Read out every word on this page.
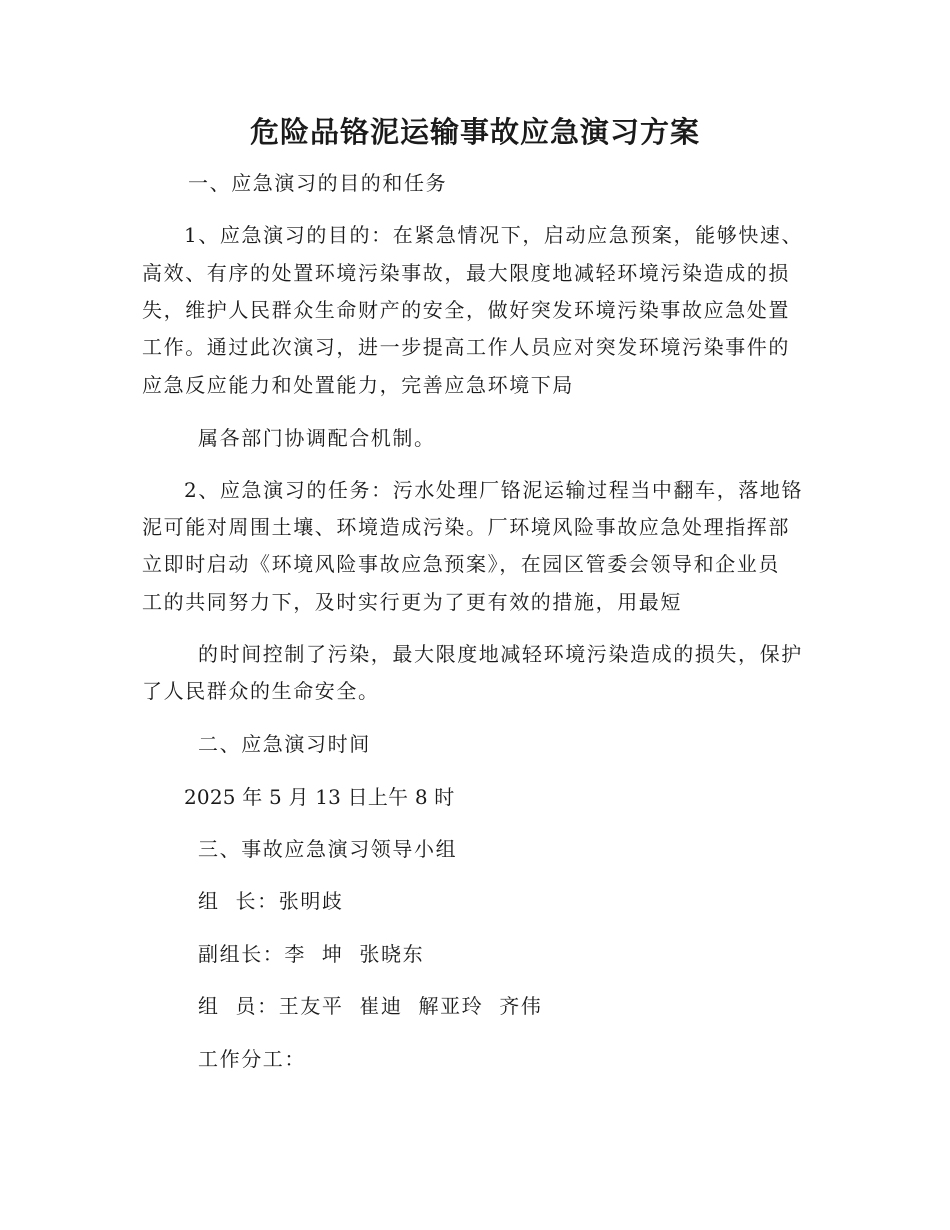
危险品铬泥运输事故应急演习方案
一、应急演习的目的和任务
1、应急演习的目的：在紧急情况下，启动应急预案，能够快速、
高效、有序的处置环境污染事故，最大限度地减轻环境污染造成的损
失，维护人民群众生命财产的安全，做好突发环境污染事故应急处置
工作。通过此次演习，进一步提高工作人员应对突发环境污染事件的
应急反应能力和处置能力，完善应急环境下局
属各部门协调配合机制。
2、应急演习的任务：污水处理厂铬泥运输过程当中翻车，落地铬
泥可能对周围土壤、环境造成污染。厂环境风险事故应急处理指挥部
立即时启动《环境风险事故应急预案》，在园区管委会领导和企业员
工的共同努力下，及时实行更为了更有效的措施，用最短
的时间控制了污染，最大限度地减轻环境污染造成的损失，保护
了人民群众的生命安全。
二、应急演习时间
2025 年 5 月 13 日上午 8 时
三、事故应急演习领导小组
组  长：张明歧
副组长：李  坤  张晓东
组  员：王友平  崔迪  解亚玲  齐伟
工作分工：
